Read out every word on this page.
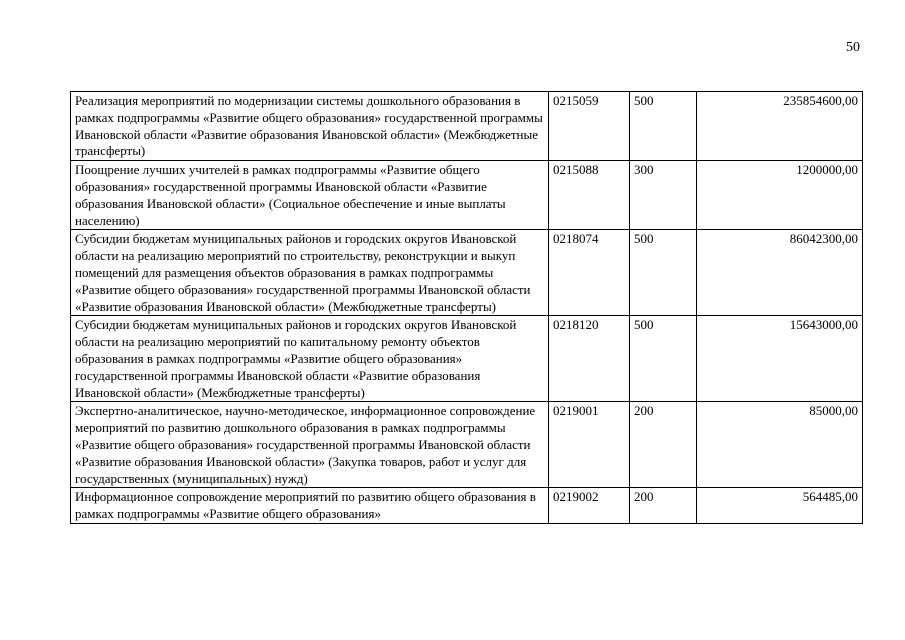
50
Реализация мероприятий по модернизации системы дошкольного образования в рамках подпрограммы «Развитие общего образования» государственной программы Ивановской области «Развитие образования Ивановской области» (Межбюджетные трансферты)	0215059	500	235854600,00
Поощрение лучших учителей в рамках подпрограммы «Развитие общего образования» государственной программы Ивановской области «Развитие образования Ивановской области» (Социальное обеспечение и иные выплаты населению)	0215088	300	1200000,00
Субсидии бюджетам муниципальных районов и городских округов Ивановской области на реализацию мероприятий по строительству, реконструкции и выкуп помещений для размещения объектов образования в рамках подпрограммы «Развитие общего образования» государственной программы Ивановской области «Развитие образования Ивановской области» (Межбюджетные трансферты)	0218074	500	86042300,00
Субсидии бюджетам муниципальных районов и городских округов Ивановской области на реализацию мероприятий по капитальному ремонту объектов образования в рамках подпрограммы «Развитие общего образования» государственной программы Ивановской области «Развитие образования Ивановской области» (Межбюджетные трансферты)	0218120	500	15643000,00
Экспертно-аналитическое, научно-методическое, информационное сопровождение мероприятий по развитию дошкольного образования в рамках подпрограммы «Развитие общего образования» государственной программы Ивановской области «Развитие образования Ивановской области» (Закупка товаров, работ и услуг для государственных (муниципальных) нужд)	0219001	200	85000,00
Информационное сопровождение мероприятий по развитию общего образования в рамках подпрограммы «Развитие общего образования»	0219002	200	564485,00
